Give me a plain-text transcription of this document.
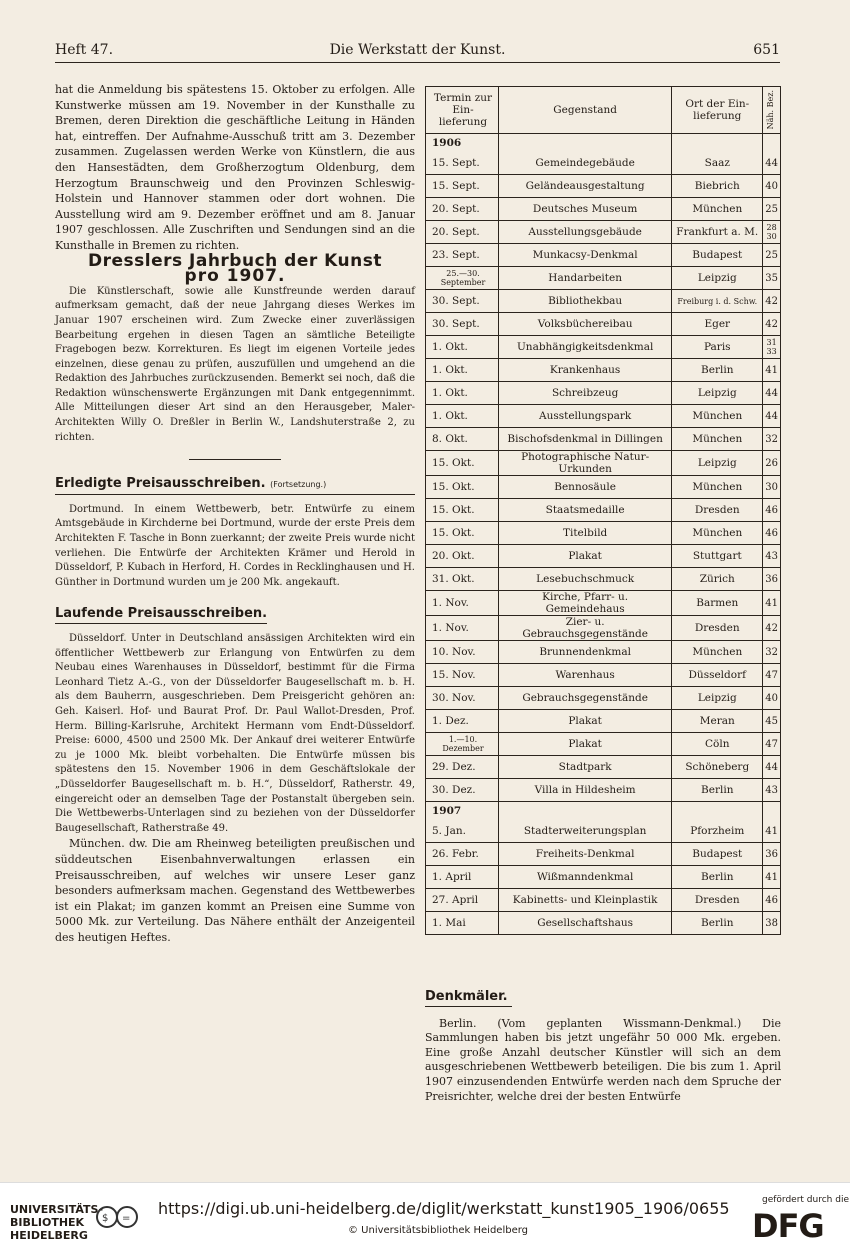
Heft 47.	Die Werkstatt der Kunst.	651

hat die Anmeldung bis spätestens 15. Oktober zu erfolgen. Alle Kunstwerke müssen am 19. November in der Kunsthalle zu Bremen, deren Direktion die geschäftliche Leitung in Händen hat, eintreffen. Der Aufnahme-Ausschuß tritt am 3. Dezember zusammen. Zugelassen werden Werke von Künstlern, die aus den Hansestädten, dem Großherzogtum Oldenburg, dem Herzogtum Braunschweig und den Provinzen Schleswig-Holstein und Hannover stammen oder dort wohnen. Die Ausstellung wird am 9. Dezember eröffnet und am 8. Januar 1907 geschlossen. Alle Zuschriften und Sendungen sind an die Kunsthalle in Bremen zu richten.

Dresslers Jahrbuch der Kunst

pro 1907.

Die Künstlerschaft, sowie alle Kunstfreunde werden darauf aufmerksam gemacht, daß der neue Jahrgang dieses Werkes im Januar 1907 erscheinen wird. Zum Zwecke einer zuverlässigen Bearbeitung ergehen in diesen Tagen an sämtliche Beteiligte Fragebogen bezw. Korrekturen. Es liegt im eigenen Vorteile jedes einzelnen, diese genau zu prüfen, auszufüllen und umgehend an die Redaktion des Jahrbuches zurückzusenden. Bemerkt sei noch, daß die Redaktion wünschenswerte Ergänzungen mit Dank entgegennimmt. Alle Mitteilungen dieser Art sind an den Herausgeber, Maler-Architekten Willy O. Dreßler in Berlin W., Landshuterstraße 2, zu richten.

Erledigte Preisausschreiben. (Fortsetzung.)

Dortmund. In einem Wettbewerb, betr. Entwürfe zu einem Amtsgebäude in Kirchderne bei Dortmund, wurde der erste Preis dem Architekten F. Tasche in Bonn zuerkannt; der zweite Preis wurde nicht verliehen. Die Entwürfe der Architekten Krämer und Herold in Düsseldorf, P. Kubach in Herford, H. Cordes in Recklinghausen und H. Günther in Dortmund wurden um je 200 Mk. angekauft.

Laufende Preisausschreiben.

Düsseldorf. Unter in Deutschland ansässigen Architekten wird ein öffentlicher Wettbewerb zur Erlangung von Entwürfen zu dem Neubau eines Warenhauses in Düsseldorf, bestimmt für die Firma Leonhard Tietz A.-G., von der Düsseldorfer Baugesellschaft m. b. H. als dem Bauherrn, ausgeschrieben. Dem Preisgericht gehören an: Geh. Kaiserl. Hof- und Baurat Prof. Dr. Paul Wallot-Dresden, Prof. Herm. Billing-Karlsruhe, Architekt Hermann vom Endt-Düsseldorf. Preise: 6000, 4500 und 2500 Mk. Der Ankauf drei weiterer Entwürfe zu je 1000 Mk. bleibt vorbehalten. Die Entwürfe müssen bis spätestens den 15. November 1906 in dem Geschäftslokale der „Düsseldorfer Baugesellschaft m. b. H.“, Düsseldorf, Ratherstr. 49, eingereicht oder an demselben Tage der Postanstalt übergeben sein. Die Wettbewerbs-Unterlagen sind zu beziehen von der Düsseldorfer Baugesellschaft, Ratherstraße 49.

München. dw. Die am Rheinweg beteiligten preußischen und süddeutschen Eisenbahnverwaltungen erlassen ein Preisausschreiben, auf welches wir unsere Leser ganz besonders aufmerksam machen. Gegenstand des Wettbewerbes ist ein Plakat; im ganzen kommt an Preisen eine Summe von 5000 Mk. zur Verteilung. Das Nähere enthält der Anzeigenteil des heutigen Heftes.

Termin zur Ein- lieferung	Gegenstand	Ort der Ein- lieferung	Näh. Bez.

1906			
15. Sept.	Gemeindegebäude	Saaz	44
15. Sept.	Geländeausgestaltung	Biebrich	40
20. Sept.	Deutsches Museum	München	25
20. Sept.	Ausstellungsgebäude	Frankfurt a. M.	28 30
23. Sept.	Munkacsy-Denkmal	Budapest	25
25.—30. September	Handarbeiten	Leipzig	35
30. Sept.	Bibliothekbau	Freiburg i. d. Schw.	42
30. Sept.	Volksbüchereibau	Eger	42
1. Okt.	Unabhängigkeitsdenkmal	Paris	31 33
1. Okt.	Krankenhaus	Berlin	41
1. Okt.	Schreibzeug	Leipzig	44
1. Okt.	Ausstellungspark	München	44
8. Okt.	Bischofsdenkmal in Dillingen	München	32
15. Okt.	Photographische Natur-Urkunden	Leipzig	26
15. Okt.	Bennosäule	München	30
15. Okt.	Staatsmedaille	Dresden	46
15. Okt.	Titelbild	München	46
20. Okt.	Plakat	Stuttgart	43
31. Okt.	Lesebuchschmuck	Zürich	36
1. Nov.	Kirche, Pfarr- u. Gemeindehaus	Barmen	41
1. Nov.	Zier- u. Gebrauchsgegenstände	Dresden	42
10. Nov.	Brunnendenkmal	München	32
15. Nov.	Warenhaus	Düsseldorf	47
30. Nov.	Gebrauchsgegenstände	Leipzig	40
1. Dez.	Plakat	Meran	45
1.—10. Dezember	Plakat	Cöln	47
29. Dez.	Stadtpark	Schöneberg	44
30. Dez.	Villa in Hildesheim	Berlin	43
1907			
5. Jan.	Stadterweiterungsplan	Pforzheim	41
26. Febr.	Freiheits-Denkmal	Budapest	36
1. April	Wißmanndenkmal	Berlin	41
27. April	Kabinetts- und Kleinplastik	Dresden	46
1. Mai	Gesellschaftshaus	Berlin	38
Denkmäler.

Berlin. (Vom geplanten Wissmann-Denkmal.) Die Sammlungen haben bis jetzt ungefähr 50 000 Mk. ergeben. Eine große Anzahl deutscher Künstler will sich an dem ausgeschriebenen Wettbewerb beteiligen. Die bis zum 1. April 1907 einzusendenden Entwürfe werden nach dem Spruche der Preisrichter, welche drei der besten Entwürfe

UNIVERSITÄTS- BIBLIOTHEK HEIDELBERG
$ =
https://digi.ub.uni-heidelberg.de/diglit/werkstatt_kunst1905_1906/0655
© Universitätsbibliothek Heidelberg
gefördert durch die
DFG
